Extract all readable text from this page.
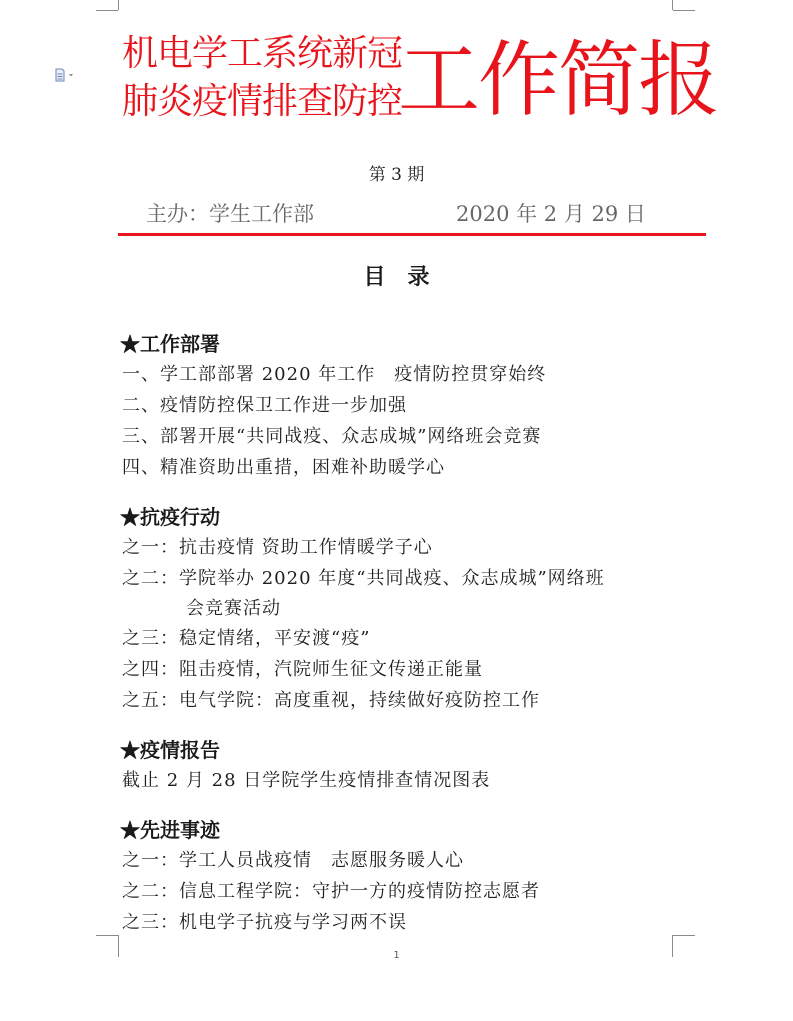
机电学工系统新冠
肺炎疫情排查防控
工作简报
第 3 期
主办：学生工作部	2020 年 2 月 29 日
目录
★工作部署
一、学工部部署 2020 年工作　疫情防控贯穿始终
二、疫情防控保卫工作进一步加强
三、部署开展“共同战疫、众志成城”网络班会竞赛
四、精准资助出重措，困难补助暖学心
★抗疫行动
之一：抗击疫情 资助工作情暖学子心
之二：学院举办 2020 年度“共同战疫、众志成城”网络班
会竞赛活动
之三：稳定情绪，平安渡“疫”
之四：阻击疫情，汽院师生征文传递正能量
之五：电气学院：高度重视，持续做好疫防控工作
★疫情报告
截止 2 月 28 日学院学生疫情排查情况图表
★先进事迹
之一：学工人员战疫情　志愿服务暖人心
之二：信息工程学院：守护一方的疫情防控志愿者
之三：机电学子抗疫与学习两不误
1
